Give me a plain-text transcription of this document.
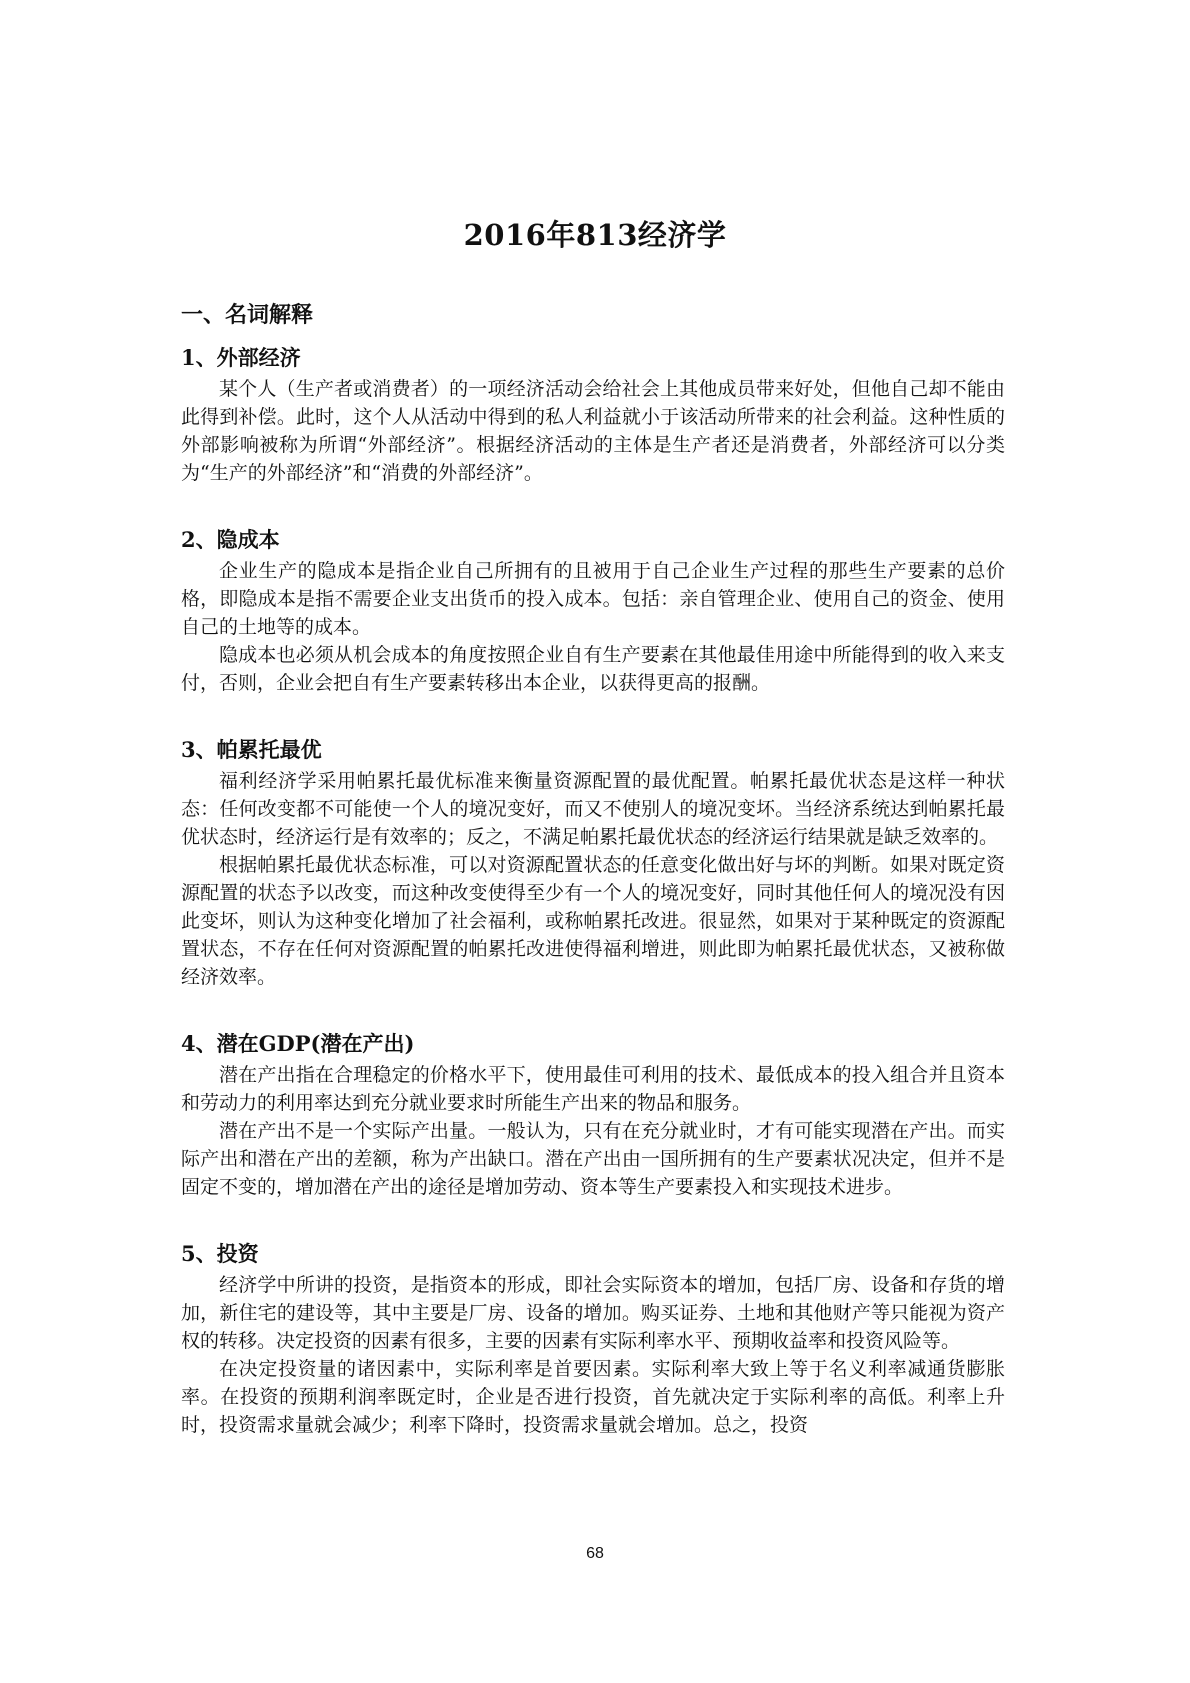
2016年813经济学
一、名词解释
1、外部经济

某个人（生产者或消费者）的一项经济活动会给社会上其他成员带来好处，但他自己却不能由此得到补偿。此时，这个人从活动中得到的私人利益就小于该活动所带来的社会利益。这种性质的外部影响被称为所谓“外部经济”。根据经济活动的主体是生产者还是消费者，外部经济可以分类为“生产的外部经济”和“消费的外部经济”。

2、隐成本

企业生产的隐成本是指企业自己所拥有的且被用于自己企业生产过程的那些生产要素的总价格，即隐成本是指不需要企业支出货币的投入成本。包括：亲自管理企业、使用自己的资金、使用自己的土地等的成本。

隐成本也必须从机会成本的角度按照企业自有生产要素在其他最佳用途中所能得到的收入来支付，否则，企业会把自有生产要素转移出本企业，以获得更高的报酬。

3、帕累托最优

福利经济学采用帕累托最优标准来衡量资源配置的最优配置。帕累托最优状态是这样一种状态：任何改变都不可能使一个人的境况变好，而又不使别人的境况变坏。当经济系统达到帕累托最优状态时，经济运行是有效率的；反之，不满足帕累托最优状态的经济运行结果就是缺乏效率的。

根据帕累托最优状态标准，可以对资源配置状态的任意变化做出好与坏的判断。如果对既定资源配置的状态予以改变，而这种改变使得至少有一个人的境况变好，同时其他任何人的境况没有因此变坏，则认为这种变化增加了社会福利，或称帕累托改进。很显然，如果对于某种既定的资源配置状态，不存在任何对资源配置的帕累托改进使得福利增进，则此即为帕累托最优状态，又被称做经济效率。

4、潜在GDP(潜在产出)

潜在产出指在合理稳定的价格水平下，使用最佳可利用的技术、最低成本的投入组合并且资本和劳动力的利用率达到充分就业要求时所能生产出来的物品和服务。

潜在产出不是一个实际产出量。一般认为，只有在充分就业时，才有可能实现潜在产出。而实际产出和潜在产出的差额，称为产出缺口。潜在产出由一国所拥有的生产要素状况决定，但并不是固定不变的，增加潜在产出的途径是增加劳动、资本等生产要素投入和实现技术进步。

5、投资

经济学中所讲的投资，是指资本的形成，即社会实际资本的增加，包括厂房、设备和存货的增加，新住宅的建设等，其中主要是厂房、设备的增加。购买证券、土地和其他财产等只能视为资产权的转移。决定投资的因素有很多，主要的因素有实际利率水平、预期收益率和投资风险等。

在决定投资量的诸因素中，实际利率是首要因素。实际利率大致上等于名义利率减通货膨胀率。在投资的预期利润率既定时，企业是否进行投资，首先就决定于实际利率的高低。利率上升时，投资需求量就会减少；利率下降时，投资需求量就会增加。总之，投资

68
